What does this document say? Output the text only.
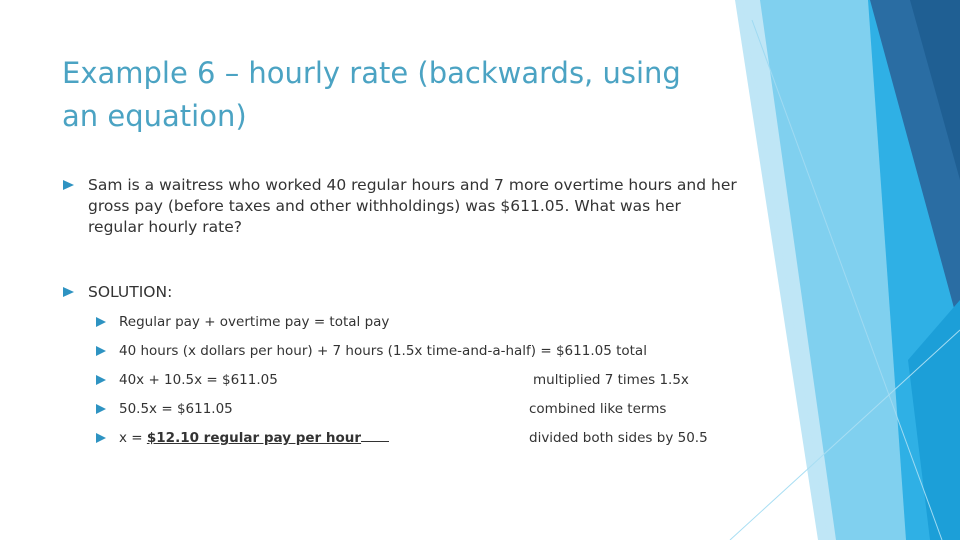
Example 6 – hourly rate (backwards, using an equation)
Sam is a waitress who worked 40 regular hours and 7 more overtime hours and her gross pay (before taxes and other withholdings) was $611.05. What was her regular hourly rate?
SOLUTION:
Regular pay + overtime pay = total pay
40 hours (x dollars per hour) + 7 hours (1.5x time-and-a-half) = $611.05 total
40x + 10.5x = $611.05	multiplied 7 times 1.5x
50.5x = $611.05	combined like terms
x = $12.10 regular pay per hour	divided both sides by 50.5
